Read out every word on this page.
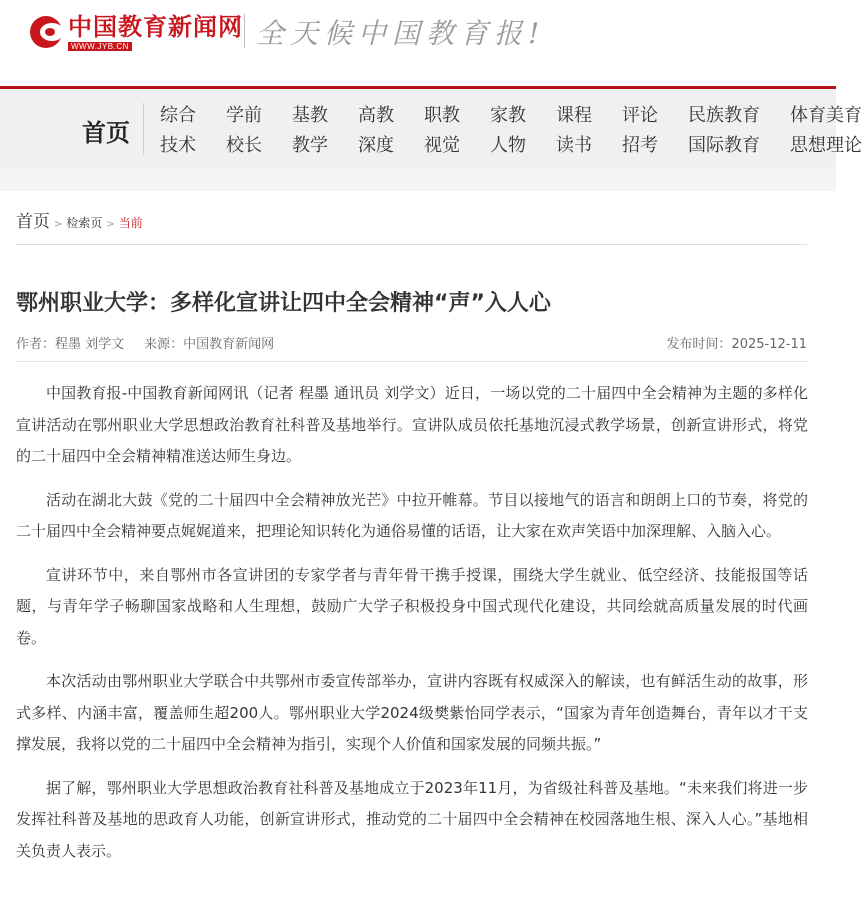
中国教育新闻网
WWW.JYB.CN	全天候中国教育报!
首页
综合 学前 基教 高教 职教 家教 课程 评论 民族教育 体育美育
技术 校长 教学 深度 视觉 人物 读书 招考 国际教育 思想理论
首页 > 检索页 > 当前
鄂州职业大学：多样化宣讲让四中全会精神“声”入人心
作者：程墨 刘学文 来源：中国教育新闻网	发布时间：2025-12-11

中国教育报-中国教育新闻网讯（记者 程墨 通讯员 刘学文）近日，一场以党的二十届四中全会精神为主题的多样化宣讲活动在鄂州职业大学思想政治教育社科普及基地举行。宣讲队成员依托基地沉浸式教学场景，创新宣讲形式，将党的二十届四中全会精神精准送达师生身边。

活动在湖北大鼓《党的二十届四中全会精神放光芒》中拉开帷幕。节目以接地气的语言和朗朗上口的节奏，将党的二十届四中全会精神要点娓娓道来，把理论知识转化为通俗易懂的话语，让大家在欢声笑语中加深理解、入脑入心。

宣讲环节中，来自鄂州市各宣讲团的专家学者与青年骨干携手授课，围绕大学生就业、低空经济、技能报国等话题，与青年学子畅聊国家战略和人生理想，鼓励广大学子积极投身中国式现代化建设，共同绘就高质量发展的时代画卷。

本次活动由鄂州职业大学联合中共鄂州市委宣传部举办，宣讲内容既有权威深入的解读，也有鲜活生动的故事，形式多样、内涵丰富，覆盖师生超200人。鄂州职业大学2024级樊紫怡同学表示，“国家为青年创造舞台，青年以才干支撑发展，我将以党的二十届四中全会精神为指引，实现个人价值和国家发展的同频共振。”

据了解，鄂州职业大学思想政治教育社科普及基地成立于2023年11月，为省级社科普及基地。“未来我们将进一步发挥社科普及基地的思政育人功能，创新宣讲形式，推动党的二十届四中全会精神在校园落地生根、深入人心。”基地相关负责人表示。
